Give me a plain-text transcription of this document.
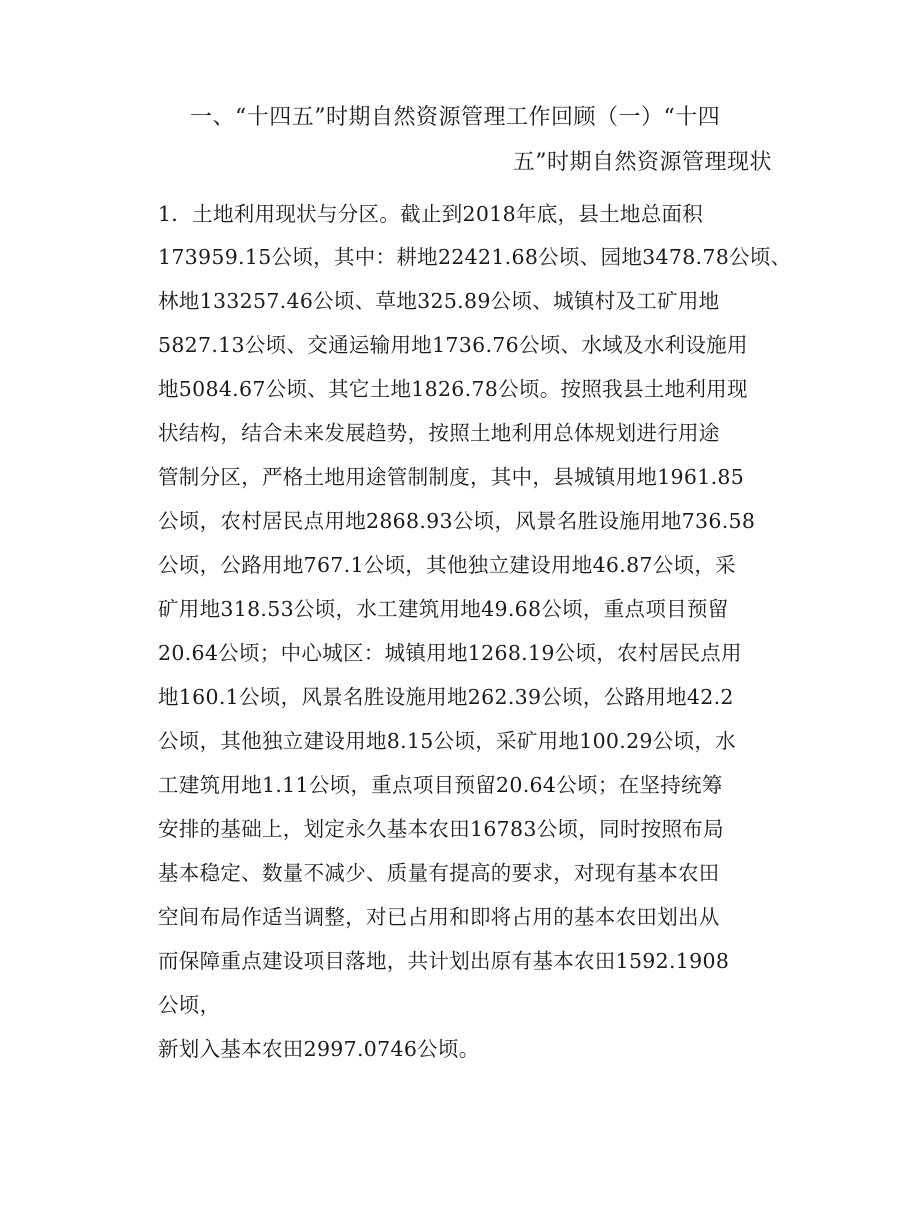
一、“十四五”时期自然资源管理工作回顾（一）“十四
五”时期自然资源管理现状
1．土地利用现状与分区。截止到2018年底，县土地总面积
173959.15公顷，其中：耕地22421.68公顷、园地3478.78公顷、
林地133257.46公顷、草地325.89公顷、城镇村及工矿用地
5827.13公顷、交通运输用地1736.76公顷、水域及水利设施用
地5084.67公顷、其它土地1826.78公顷。按照我县土地利用现
状结构，结合未来发展趋势，按照土地利用总体规划进行用途
管制分区，严格土地用途管制制度，其中，县城镇用地1961.85
公顷，农村居民点用地2868.93公顷，风景名胜设施用地736.58
公顷，公路用地767.1公顷，其他独立建设用地46.87公顷，采
矿用地318.53公顷，水工建筑用地49.68公顷，重点项目预留
20.64公顷；中心城区：城镇用地1268.19公顷，农村居民点用
地160.1公顷，风景名胜设施用地262.39公顷，公路用地42.2
公顷，其他独立建设用地8.15公顷，采矿用地100.29公顷，水
工建筑用地1.11公顷，重点项目预留20.64公顷；在坚持统筹
安排的基础上，划定永久基本农田16783公顷，同时按照布局
基本稳定、数量不减少、质量有提高的要求，对现有基本农田
空间布局作适当调整，对已占用和即将占用的基本农田划出从
而保障重点建设项目落地，共计划出原有基本农田1592.1908
公顷，
新划入基本农田2997.0746公顷。
